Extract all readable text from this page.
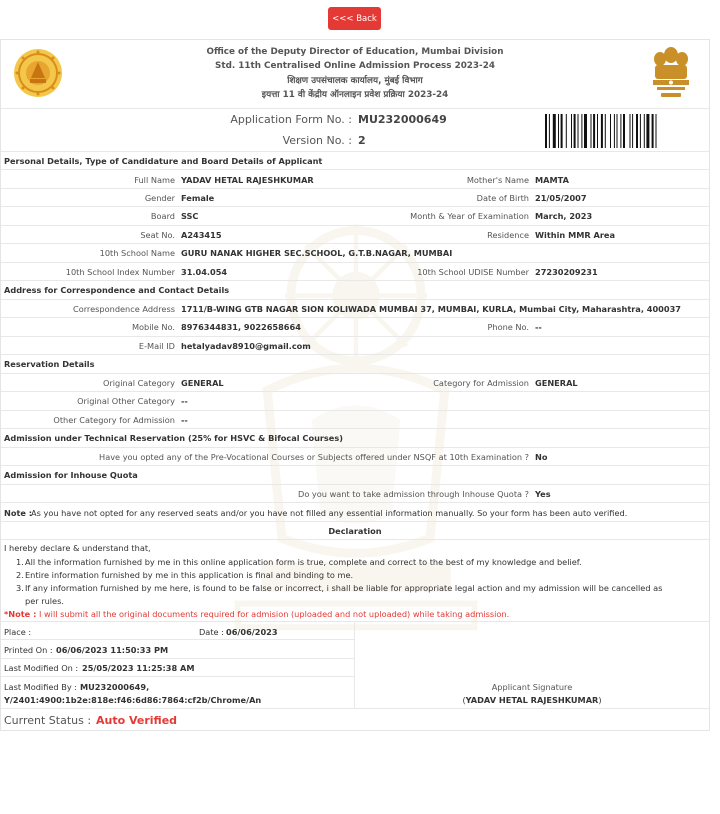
<<< Back
Office of the Deputy Director of Education, Mumbai Division
Std. 11th Centralised Online Admission Process 2023-24
शिक्षण उपसंचालक कार्यालय, मुंबई विभाग
इयत्ता 11 वी केंद्रीय ऑनलाइन प्रवेश प्रक्रिया 2023-24
Application Form No. : MU232000649
Version No. : 2
Personal Details, Type of Candidature and Board Details of Applicant
Full Name YADAV HETAL RAJESHKUMAR	Mother's Name MAMTA
Gender Female	Date of Birth 21/05/2007
Board SSC	Month & Year of Examination March, 2023
Seat No. A243415	Residence Within MMR Area
10th School Name GURU NANAK HIGHER SEC.SCHOOL, G.T.B.NAGAR, MUMBAI
10th School Index Number 31.04.054	10th School UDISE Number 27230209231
Address for Correspondence and Contact Details
Correspondence Address 1711/B-WING GTB NAGAR SION KOLIWADA MUMBAI 37, MUMBAI, KURLA, Mumbai City, Maharashtra, 400037
Mobile No. 8976344831, 9022658664	Phone No. --
E-Mail ID hetalyadav8910@gmail.com
Reservation Details
Original Category GENERAL	Category for Admission GENERAL
Original Other Category --
Other Category for Admission --
Admission under Technical Reservation (25% for HSVC & Bifocal Courses)
Have you opted any of the Pre-Vocational Courses or Subjects offered under NSQF at 10th Examination ? No
Admission for Inhouse Quota
Do you want to take admission through Inhouse Quota ? Yes
Note :
As you have not opted for any reserved seats and/or you have not filled any essential information manually. So your form has been auto verified.
Declaration
I hereby declare & understand that,
1. All the information furnished by me in this online application form is true, complete and correct to the best of my knowledge and belief.
2. Entire information furnished by me in this application is final and binding to me.
3. If any information furnished by me here, is found to be false or incorrect, i shall be liable for appropriate legal action and my admission will be cancelled as
per rules.
*Note : I will submit all the original documents required for admision (uploaded and not uploaded) while taking admission.
Place :	Date : 06/06/2023
Printed On : 06/06/2023 11:50:33 PM
Last Modified On : 25/05/2023 11:25:38 AM
Last Modified By : MU232000649,
Y/2401:4900:1b2e:818e:f46:6d86:7864:cf2b/Chrome/An
Applicant Signature
(YADAV HETAL RAJESHKUMAR)
Current Status : Auto Verified
